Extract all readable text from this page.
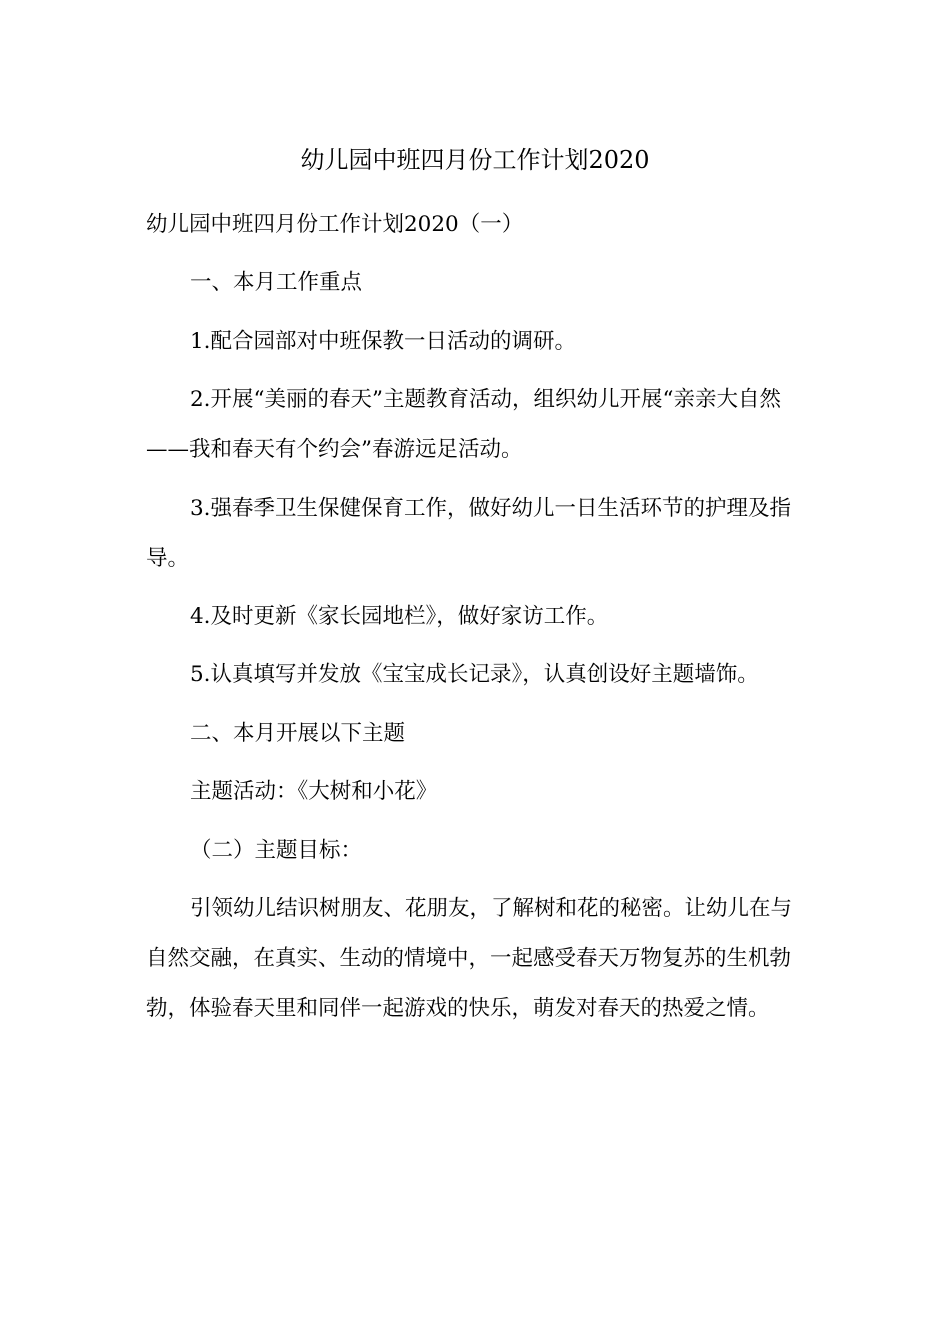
幼儿园中班四月份工作计划2020

幼儿园中班四月份工作计划2020（一）

一、本月工作重点

1.配合园部对中班保教一日活动的调研。

2.开展“美丽的春天”主题教育活动，组织幼儿开展“亲亲大自然——我和春天有个约会”春游远足活动。

3.强春季卫生保健保育工作，做好幼儿一日生活环节的护理及指导。

4.及时更新《家长园地栏》，做好家访工作。

5.认真填写并发放《宝宝成长记录》，认真创设好主题墙饰。

二、本月开展以下主题

主题活动：《大树和小花》

（二）主题目标：

引领幼儿结识树朋友、花朋友，了解树和花的秘密。让幼儿在与自然交融，在真实、生动的情境中，一起感受春天万物复苏的生机勃勃，体验春天里和同伴一起游戏的快乐，萌发对春天的热爱之情。
